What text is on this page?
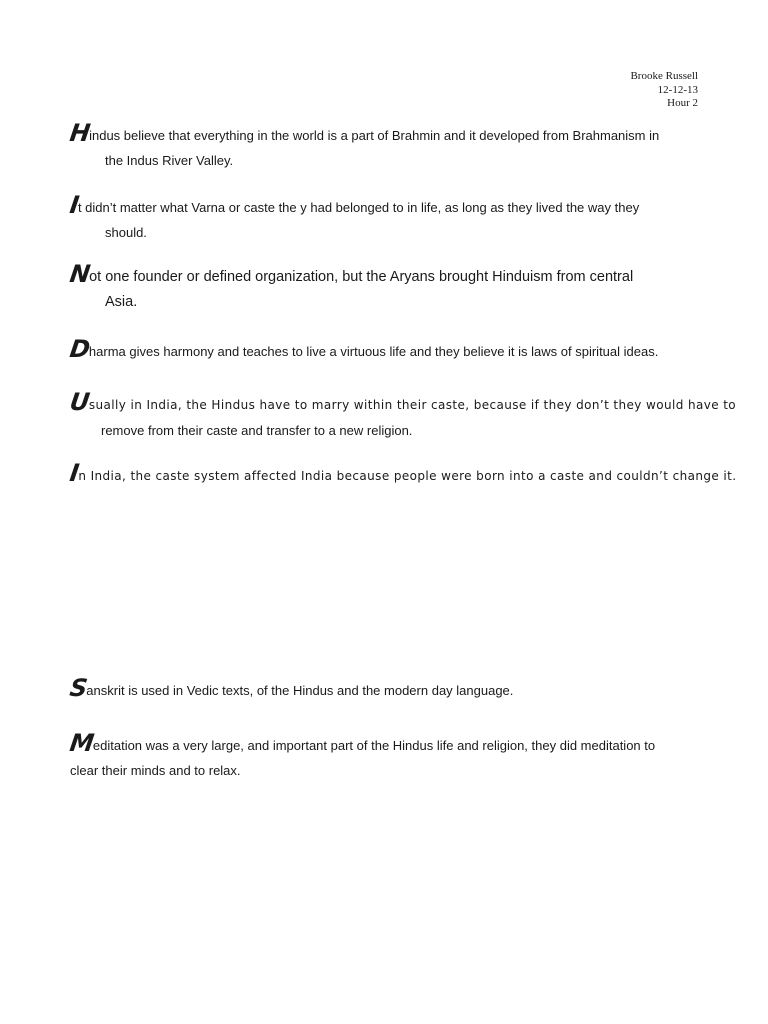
Brooke Russell
12-12-13
Hour 2
Hindus believe that everything in the world is a part of Brahmin and it developed from Brahmanism in
the Indus River Valley.
It didn’t matter what Varna or caste the y had belonged to in life, as long as they lived the way they
should.
Not one founder or defined organization, but the Aryans brought Hinduism from central
Asia.
Dharma gives harmony and teaches to live a virtuous life and they believe it is laws of spiritual ideas.
Usually in India, the Hindus have to marry within their caste, because if they don’t they would have to
remove from their caste and transfer to a new religion.
In India, the caste system affected India because people were born into a caste and couldn’t change it.
Sanskrit is used in Vedic texts, of the Hindus and the modern day language.
Meditation was a very large, and important part of the Hindus life and religion, they did meditation to
clear their minds and to relax.
